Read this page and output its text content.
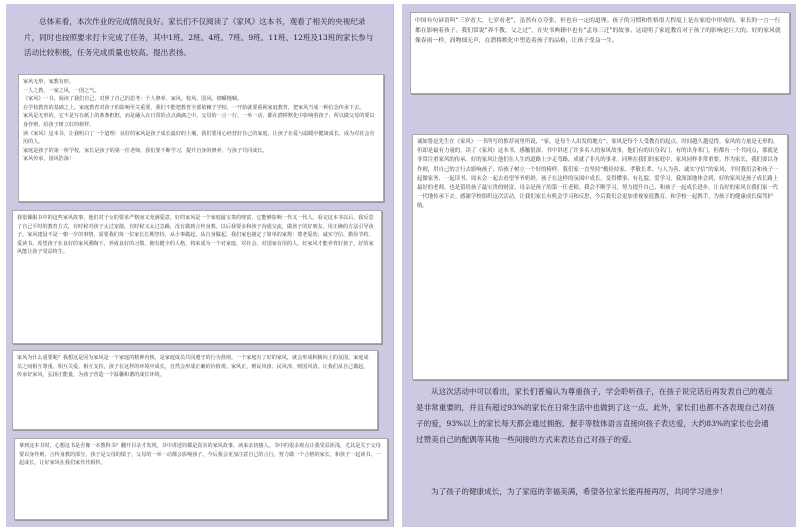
总体来看，本次作业的完成情况良好。家长们不仅阅读了《家风》这本书，观看了相关的央视纪录片，同时也按照要求打卡完成了任务，其中1班、2班、4班、7班、9班、11班、12班及13班的家长参与活动比较积极，任务完成质量也较高。提出表扬。

家风无形，家教有形。

一人之教，一家之风，一国之气。

《家风》一书，阅读了我们自己，对照了自己的思考：个人修养、家风、校风、国风。细嚼慢咽。

在学校教育的基础之上，家庭教育对孩子的影响至关重要，我们不能把教育全部依赖于学校，一开始就要重视家庭教育，把家风当成一种信念传承下去。

家风是无形的，它不是写在纸上的条条框框，而是融入在日常的点点滴滴之中。父母的一言一行、一举一动，都在潜移默化中影响着孩子，所以做父母的要以身作则，给孩子树立好的榜样。

读《家风》这本书，让我明白了一个道理：良好的家风是孩子成长最好的土壤。我们要用心经营好自己的家庭，让孩子在爱与温暖中健康成长，成为对社会有用的人。

家庭是孩子的第一所学校，家长是孩子的第一任老师。我们要不断学习，提升自身的修养，与孩子共同成长。

家风传承，国风浩荡！

我很佩服书中的这些家风故事，他们对子女的要求严格而又充满爱意。好的家风是一个家庭最宝贵的财富，它能够影响一代又一代人。看完这本书以后，我反思了自己平时的教育方式，有时候对孩子太过宠溺，有时候又太过急躁，没有做到言传身教。以后我要多和孩子沟通交流，做孩子的好朋友，用正确的方法引导孩子。家风建设不是一朝一夕的事情，需要我们每一位家长长期坚持，从小事做起，从自身做起。我们家也制定了简单的家规：尊老爱幼、诚实守信、勤俭节约、爱读书。希望孩子在良好的家风熏陶下，养成良好的习惯，拥有健全的人格，将来成为一个对家庭、对社会、对国家有用的人。好家风才能养育好孩子，好的家风能让孩子受益终生。

家风为什么重要呢？我想这是因为家风是一个家庭的精神内核，是家庭成员共同遵守的行为准则。一个家庭有了好的家风，就会形成积极向上的氛围，家庭成员之间相互尊重、相互关爱、相互支持，孩子在这样的环境中成长，自然会形成正确的价值观。家风正，则民风淳；民风淳，则国风清。让我们从自己做起，传承好家风，弘扬正能量，为孩子营造一个温馨和谐的成长环境。

拿到这本书时，心想这书是否像一本教科书？翻开目录才发现，书中讲述的都是真实的家风故事，读来亲切感人。书中的很多观点让我受益匪浅，尤其是关于父母要以身作则、言传身教的部分。孩子是父母的镜子，父母的一举一动都会影响孩子。今后我会更加注意自己的言行，努力做一个合格的家长，和孩子一起读书、一起成长，让好家风在我们家代代相传。

中国有句谚语叫“三岁看大，七岁看老”，虽然有点夸张，但也有一定的道理。孩子的习惯和性格很大程度上是在家庭中形成的，家长的一言一行都在影响着孩子。我们常说“养不教，父之过”，在史书典籍中也有“孟母三迁”的故事。这说明了家庭教育对于孩子的影响是巨大的。好的家风就像春雨一样，润物细无声，在潜移默化中塑造着孩子的品格，让孩子受益一生。

诚如鲁迅先生在《家风》一书所写的推荐词里所说，“家，是每个人出发的地方”。家风是每个人受教育的起点。时间越久越觉得，家风的力量是无形的，但却是最有力量的。读了《家风》这本书，感触很深。书中讲述了许多名人的家风故事，他们有的出身名门，有的出身寒门，但都有一个共同点，那就是非常注重家风的传承。好的家风让他们在人生的道路上少走弯路，成就了非凡的事业。同理在我们的家庭中，家风同样非常重要。作为家长，我们要以身作则，用自己的言行去影响孩子，给孩子树立一个好的榜样。我们家一直坚持“勤俭持家、孝敬长辈、与人为善、诚实守信”的家风，平时我们会和孩子一起做家务，一起读书，周末会一起去看望爷爷奶奶。孩子在这样的氛围中成长，变得懂事、有礼貌、爱学习。我深深地体会到，好的家风是孩子成长路上最好的老师，也是留给孩子最宝贵的财富。母亲是孩子的第一任老师，我会不断学习，努力提升自己，和孩子一起成长进步，让良好的家风在我们家一代一代地传承下去。感谢学校组织这次活动，让我们家长有机会学习和反思，今后我们会更加重视家庭教育，和学校一起携手，为孩子的健康成长保驾护航。

从这次活动中可以看出，家长们普遍认为尊重孩子，学会聆听孩子，在孩子说完话后再发表自己的观点是非常重要的，并且有超过93%的家长在日常生活中也做到了这一点。此外，家长们也都不吝表现自己对孩子的爱，93%以上的家长每天都会通过拥抱、握手等肢体语言直接向孩子表达爱，大约83%的家长也会通过赞美自己的配偶等其他一些间接的方式来表达自己对孩子的爱。

为了孩子的健康成长，为了家庭的幸福美满，希望各位家长能再接再厉，共同学习进步！
